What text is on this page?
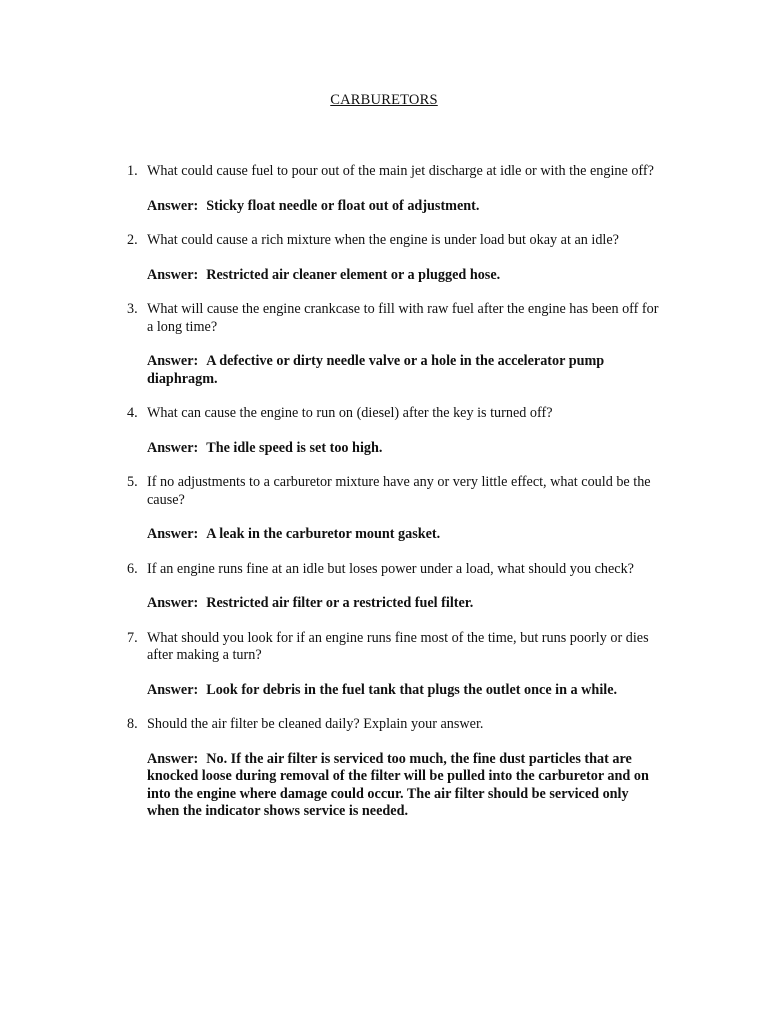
CARBURETORS
1. What could cause fuel to pour out of the main jet discharge at idle or with the engine off?
Answer: Sticky float needle or float out of adjustment.
2. What could cause a rich mixture when the engine is under load but okay at an idle?
Answer: Restricted air cleaner element or a plugged hose.
3. What will cause the engine crankcase to fill with raw fuel after the engine has been off for a long time?
Answer: A defective or dirty needle valve or a hole in the accelerator pump diaphragm.
4. What can cause the engine to run on (diesel) after the key is turned off?
Answer: The idle speed is set too high.
5. If no adjustments to a carburetor mixture have any or very little effect, what could be the cause?
Answer: A leak in the carburetor mount gasket.
6. If an engine runs fine at an idle but loses power under a load, what should you check?
Answer: Restricted air filter or a restricted fuel filter.
7. What should you look for if an engine runs fine most of the time, but runs poorly or dies after making a turn?
Answer: Look for debris in the fuel tank that plugs the outlet once in a while.
8. Should the air filter be cleaned daily? Explain your answer.
Answer: No. If the air filter is serviced too much, the fine dust particles that are knocked loose during removal of the filter will be pulled into the carburetor and on into the engine where damage could occur. The air filter should be serviced only when the indicator shows service is needed.
